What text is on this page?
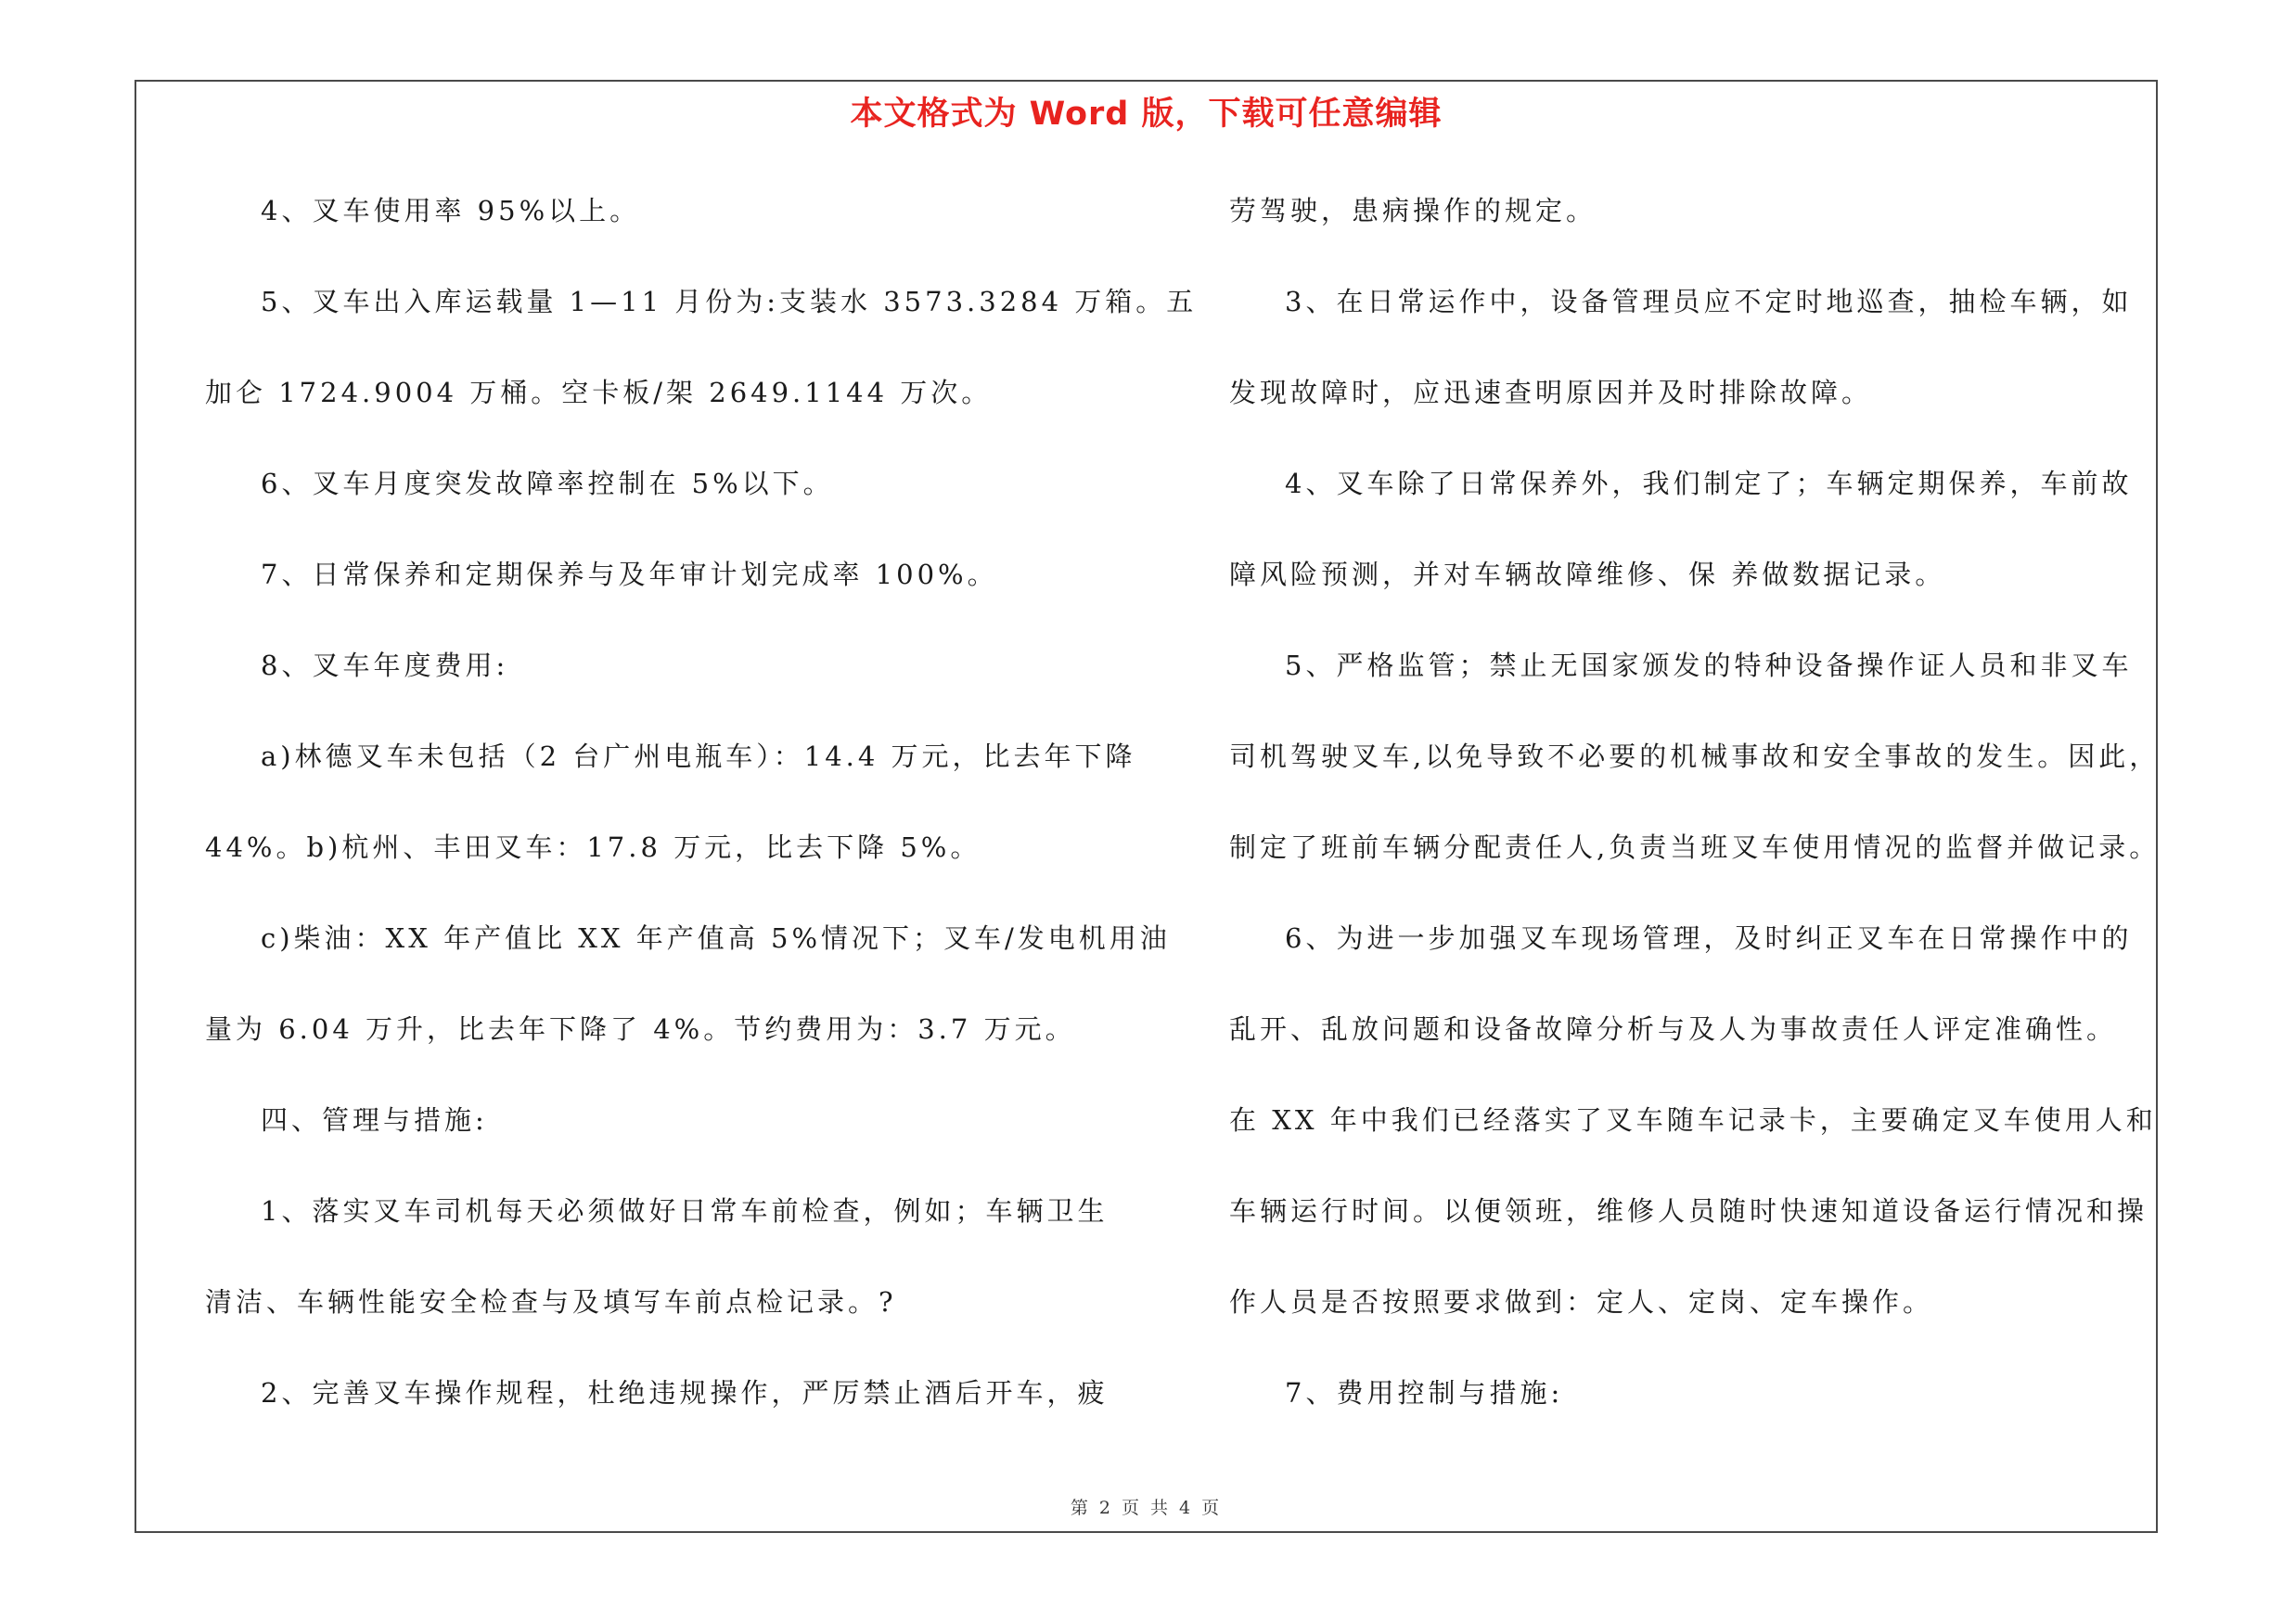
本文格式为 Word 版，下载可任意编辑
4、叉车使用率 95%以上。
5、叉车出入库运载量 1—11 月份为:支装水 3573.3284 万箱。五
加仑 1724.9004 万桶。空卡板/架 2649.1144 万次。
6、叉车月度突发故障率控制在 5%以下。
7、日常保养和定期保养与及年审计划完成率 100%。
8、叉车年度费用:
a)林德叉车未包括（2 台广州电瓶车）：14.4 万元，比去年下降
44%。b)杭州、丰田叉车：17.8 万元，比去下降 5%。
c)柴油：XX 年产值比 XX 年产值高 5%情况下；叉车/发电机用油
量为 6.04 万升，比去年下降了 4%。节约费用为：3.7 万元。
四、管理与措施:
1、落实叉车司机每天必须做好日常车前检查，例如；车辆卫生
清洁、车辆性能安全检查与及填写车前点检记录。?
2、完善叉车操作规程，杜绝违规操作，严厉禁止酒后开车，疲
劳驾驶，患病操作的规定。
3、在日常运作中，设备管理员应不定时地巡查，抽检车辆，如
发现故障时，应迅速查明原因并及时排除故障。
4、叉车除了日常保养外，我们制定了；车辆定期保养，车前故
障风险预测，并对车辆故障维修、保 养做数据记录。
5、严格监管；禁止无国家颁发的特种设备操作证人员和非叉车
司机驾驶叉车,以免导致不必要的机械事故和安全事故的发生。因此，
制定了班前车辆分配责任人,负责当班叉车使用情况的监督并做记录。
6、为进一步加强叉车现场管理，及时纠正叉车在日常操作中的
乱开、乱放问题和设备故障分析与及人为事故责任人评定准确性。
在 XX 年中我们已经落实了叉车随车记录卡，主要确定叉车使用人和
车辆运行时间。以便领班，维修人员随时快速知道设备运行情况和操
作人员是否按照要求做到：定人、定岗、定车操作。
7、费用控制与措施:
第 2 页 共 4 页
